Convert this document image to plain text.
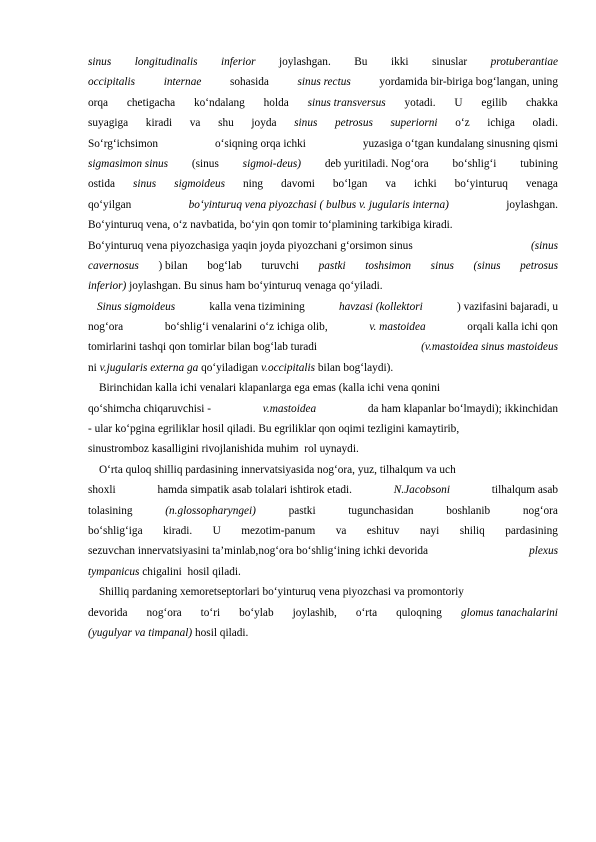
sinus longitudinalis inferior joylashgan. Bu ikki sinuslar protuberantiae
occipitalis	internae	sohasida	sinus rectus	yordamida bir-biriga bog‘langan, uning
orqa chetigacha ko‘ndalang holda sinus transversus yotadi. U egilib chakka
suyagiga kiradi va shu joyda sinus petrosus superiorni o‘z ichiga oladi.
So‘rg‘ichsimon	o‘siqning orqa ichki	yuzasiga o‘tgan kundalang sinusning qismi
sigmasimon sinus (sinus sigmoi-deus) deb yuritiladi. Nog‘ora bo‘shlig‘i tubining
ostida sinus sigmoideus ning davomi bo‘lgan va ichki bo‘yinturuq venaga
qo‘yilgan	bo‘yinturuq vena piyozchasi ( bulbus v. jugularis interna)	joylashgan.
Bo‘yinturuq vena, o‘z navbatida, bo‘yin qon tomir to‘plamining tarkibiga kiradi.
Bo‘yinturuq vena piyozchasiga yaqin joyda piyozchani g‘orsimon sinus	(sinus
cavernosus ) bilan bog‘lab turuvchi pastki toshsimon sinus (sinus petrosus
inferior) joylashgan. Bu sinus ham bo‘yinturuq venaga qo‘yiladi.
Sinus sigmoideus	kalla vena tizimining	havzasi (kollektori	) vazifasini bajaradi, u
nog‘ora	bo‘shlig‘i venalarini o‘z ichiga olib,	v. mastoidea	orqali kalla ichi qon
tomirlarini tashqi qon tomirlar bilan bog‘lab turadi	(v.mastoidea sinus mastoideus
ni v.jugularis externa ga qo‘yiladigan v.occipitalis bilan bog‘laydi).
Birinchidan kalla ichi venalari klapanlarga ega emas (kalla ichi vena qonini
qo‘shimcha chiqaruvchisi -	v.mastoidea	da ham klapanlar bo‘lmaydi); ikkinchidan
- ular ko‘pgina egriliklar hosil qiladi. Bu egriliklar qon oqimi tezligini kamaytirib,
sinustromboz kasalligini rivojlanishida muhim  rol uynaydi.
O‘rta quloq shilliq pardasining innervatsiyasida nog‘ora, yuz, tilhalqum va uch
shoxli	hamda simpatik asab tolalari ishtirok etadi.	N.Jacobsoni	tilhalqum asab
tolasining	(n.glossopharyngei)	pastki	tugunchasidan	boshlanib	nog‘ora
bo‘shlig‘iga kiradi. U mezotim-panum va eshituv nayi shiliq pardasining
sezuvchan innervatsiyasini ta’minlab,nog‘ora bo‘shlig‘ining ichki devorida	plexus
tympanicus chigalini  hosil qiladi.
Shilliq pardaning xemoretseptorlari bo‘yinturuq vena piyozchasi va promontoriy
devorida nog‘ora to‘ri bo‘ylab joylashib, o‘rta quloqning glomus tanachalarini
(yugulyar va timpanal) hosil qiladi.
